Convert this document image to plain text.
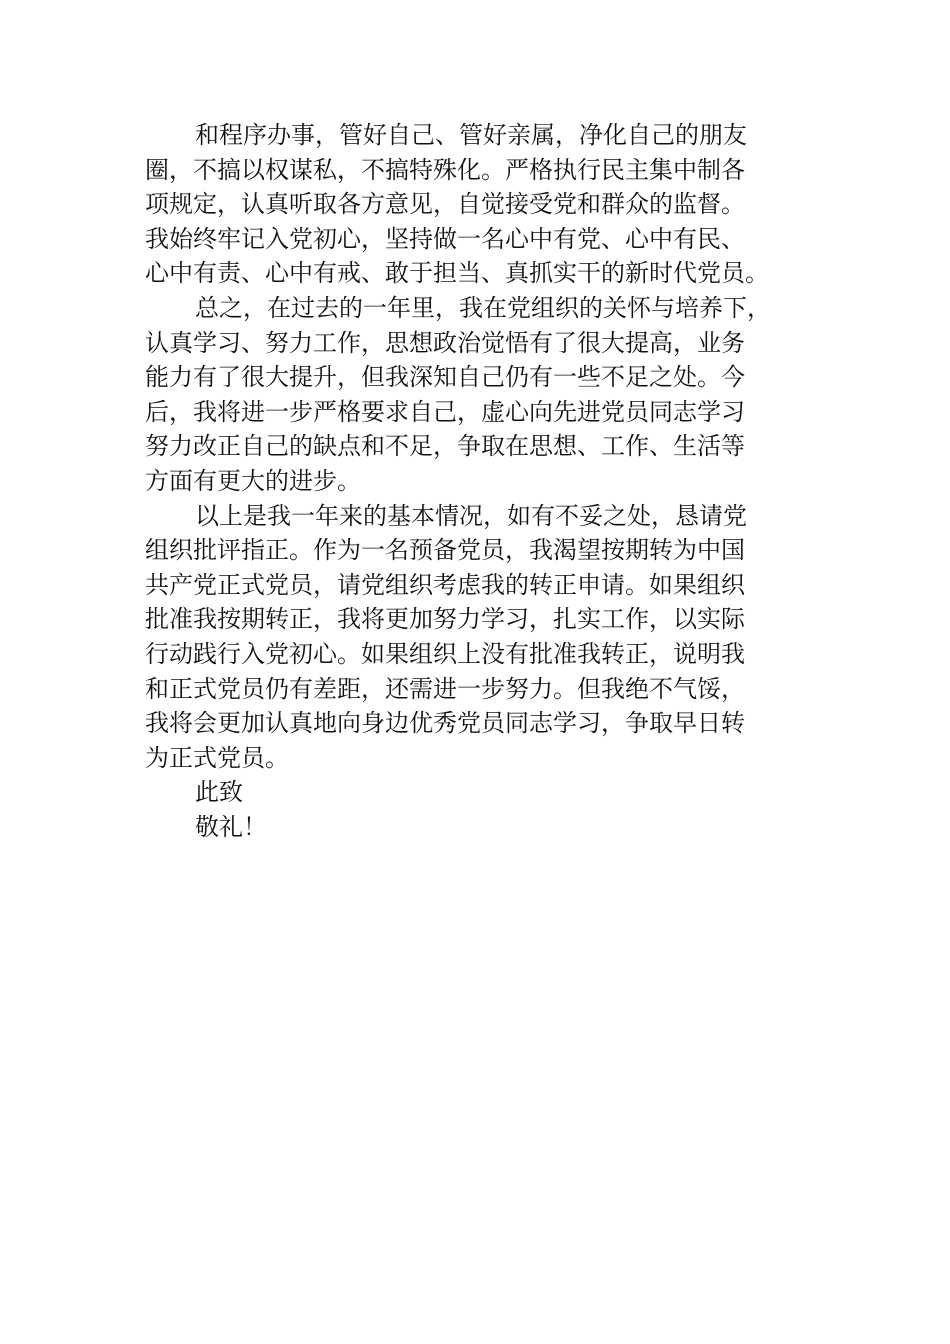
和程序办事，管好自己、管好亲属，净化自己的朋友
圈，不搞以权谋私，不搞特殊化。严格执行民主集中制各
项规定，认真听取各方意见，自觉接受党和群众的监督。
我始终牢记入党初心，坚持做一名心中有党、心中有民、
心中有责、心中有戒、敢于担当、真抓实干的新时代党员。
总之，在过去的一年里，我在党组织的关怀与培养下，
认真学习、努力工作，思想政治觉悟有了很大提高，业务
能力有了很大提升，但我深知自己仍有一些不足之处。今
后，我将进一步严格要求自己，虚心向先进党员同志学习
努力改正自己的缺点和不足，争取在思想、工作、生活等
方面有更大的进步。
以上是我一年来的基本情况，如有不妥之处，恳请党
组织批评指正。作为一名预备党员，我渴望按期转为中国
共产党正式党员，请党组织考虑我的转正申请。如果组织
批准我按期转正，我将更加努力学习，扎实工作，以实际
行动践行入党初心。如果组织上没有批准我转正，说明我
和正式党员仍有差距，还需进一步努力。但我绝不气馁，
我将会更加认真地向身边优秀党员同志学习，争取早日转
为正式党员。
此致
敬礼！
